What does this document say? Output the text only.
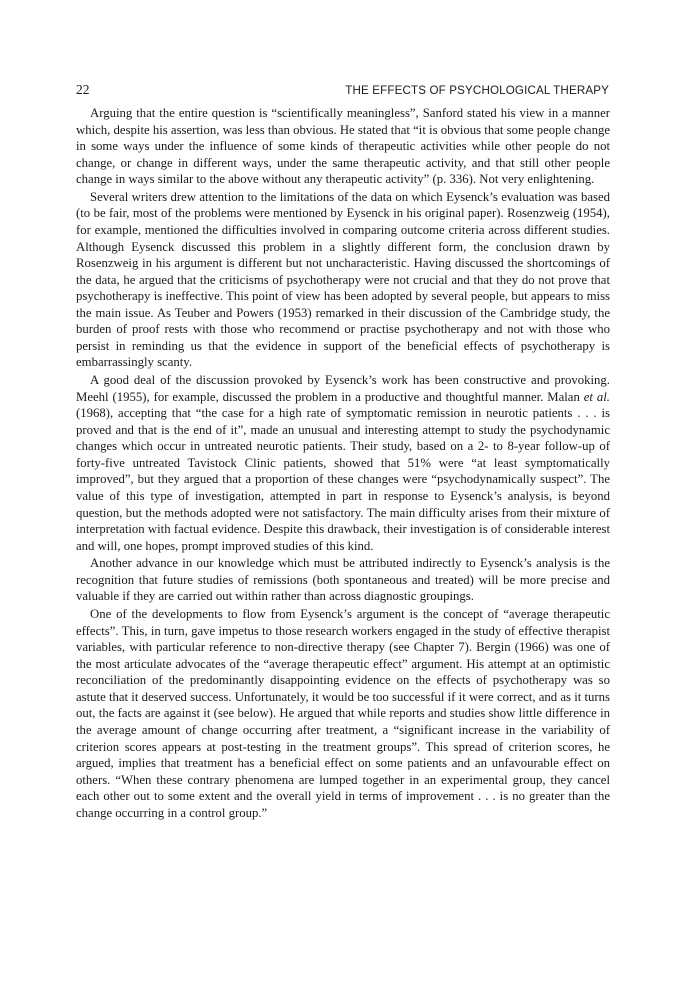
22	THE EFFECTS OF PSYCHOLOGICAL THERAPY

Arguing that the entire question is “scientifically meaningless”, Sanford stated his view in a manner which, despite his assertion, was less than obvious. He stated that “it is obvious that some people change in some ways under the influence of some kinds of therapeutic activities while other people do not change, or change in different ways, under the same therapeutic activity, and that still other people change in ways similar to the above without any therapeutic activity” (p. 336). Not very enlightening.

Several writers drew attention to the limitations of the data on which Eysenck’s evaluation was based (to be fair, most of the problems were mentioned by Eysenck in his original paper). Rosenzweig (1954), for example, mentioned the difficulties involved in comparing outcome criteria across different studies. Although Eysenck discussed this problem in a slightly different form, the conclusion drawn by Rosenzweig in his argument is different but not uncharacteristic. Having discussed the shortcomings of the data, he argued that the criticisms of psychotherapy were not crucial and that they do not prove that psychotherapy is ineffective. This point of view has been adopted by several people, but appears to miss the main issue. As Teuber and Powers (1953) remarked in their discussion of the Cambridge study, the burden of proof rests with those who recommend or practise psychotherapy and not with those who persist in reminding us that the evidence in support of the beneficial effects of psychotherapy is embarrassingly scanty.

A good deal of the discussion provoked by Eysenck’s work has been constructive and provoking. Meehl (1955), for example, discussed the problem in a productive and thoughtful manner. Malan et al. (1968), accepting that “the case for a high rate of symptomatic remission in neurotic patients . . . is proved and that is the end of it”, made an unusual and interesting attempt to study the psychodynamic changes which occur in untreated neurotic patients. Their study, based on a 2- to 8-year follow-up of forty-five untreated Tavistock Clinic patients, showed that 51% were “at least symptomatically improved”, but they argued that a proportion of these changes were “psychodynamically suspect”. The value of this type of investigation, attempted in part in response to Eysenck’s analysis, is beyond question, but the methods adopted were not satisfactory. The main difficulty arises from their mixture of interpretation with factual evidence. Despite this drawback, their investigation is of considerable interest and will, one hopes, prompt improved studies of this kind.

Another advance in our knowledge which must be attributed indirectly to Eysenck’s analysis is the recognition that future studies of remissions (both spontaneous and treated) will be more precise and valuable if they are carried out within rather than across diagnostic groupings.

One of the developments to flow from Eysenck’s argument is the concept of “average therapeutic effects”. This, in turn, gave impetus to those research workers engaged in the study of effective therapist variables, with particular reference to non-directive therapy (see Chapter 7). Bergin (1966) was one of the most articulate advocates of the “average therapeutic effect” argument. His attempt at an optimistic reconciliation of the predominantly disappointing evidence on the effects of psychotherapy was so astute that it deserved success. Unfortunately, it would be too successful if it were correct, and as it turns out, the facts are against it (see below). He argued that while reports and studies show little difference in the average amount of change occurring after treatment, a “significant increase in the variability of criterion scores appears at post-testing in the treatment groups”. This spread of criterion scores, he argued, implies that treatment has a beneficial effect on some patients and an unfavourable effect on others. “When these contrary phenomena are lumped together in an experimental group, they cancel each other out to some extent and the overall yield in terms of improvement . . . is no greater than the change occurring in a control group.”
